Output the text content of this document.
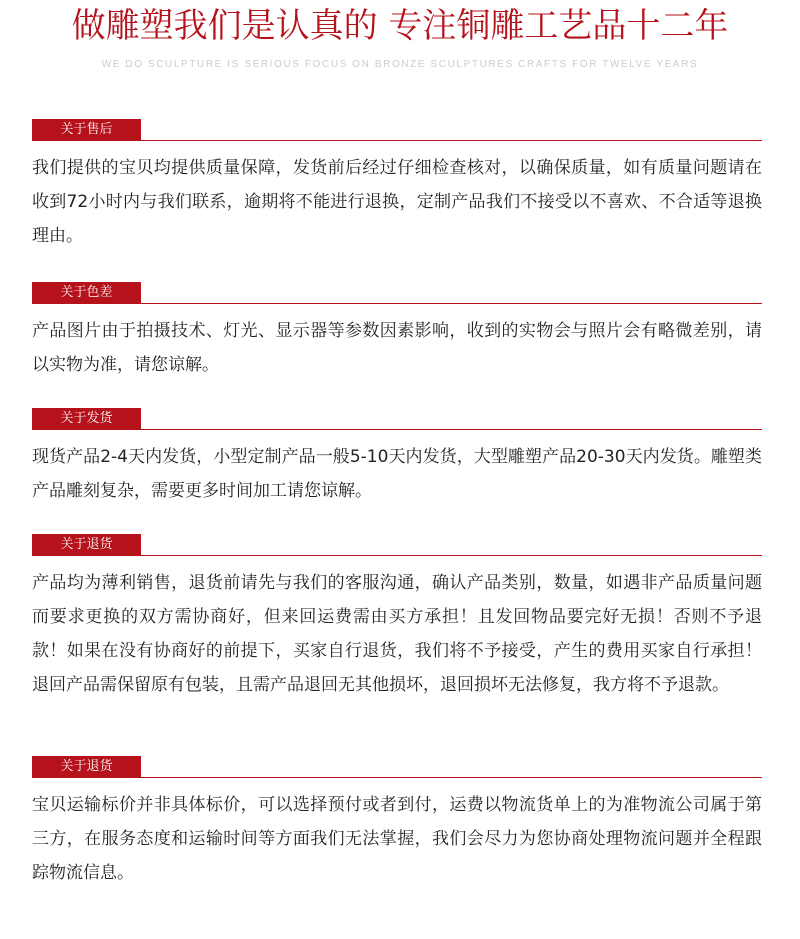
做雕塑我们是认真的 专注铜雕工艺品十二年
WE DO SCULPTURE IS SERIOUS FOCUS ON BRONZE SCULPTURES CRAFTS FOR TWELVE YEARS
关于售后
我们提供的宝贝均提供质量保障，发货前后经过仔细检查核对，以确保质量，如有质量问题请在收到72小时内与我们联系，逾期将不能进行退换，定制产品我们不接受以不喜欢、不合适等退换理由。
关于色差
产品图片由于拍摄技术、灯光、显示器等参数因素影响，收到的实物会与照片会有略微差别，请以实物为准，请您谅解。
关于发货
现货产品2-4天内发货，小型定制产品一般5-10天内发货，大型雕塑产品20-30天内发货。雕塑类产品雕刻复杂，需要更多时间加工请您谅解。
关于退货
产品均为薄利销售，退货前请先与我们的客服沟通，确认产品类别，数量，如遇非产品质量问题而要求更换的双方需协商好，但来回运费需由买方承担！且发回物品要完好无损！否则不予退款！如果在没有协商好的前提下，买家自行退货，我们将不予接受，产生的费用买家自行承担！退回产品需保留原有包装，且需产品退回无其他损坏，退回损坏无法修复，我方将不予退款。
关于退货
宝贝运输标价并非具体标价，可以选择预付或者到付，运费以物流货单上的为准物流公司属于第三方，在服务态度和运输时间等方面我们无法掌握，我们会尽力为您协商处理物流问题并全程跟踪物流信息。
